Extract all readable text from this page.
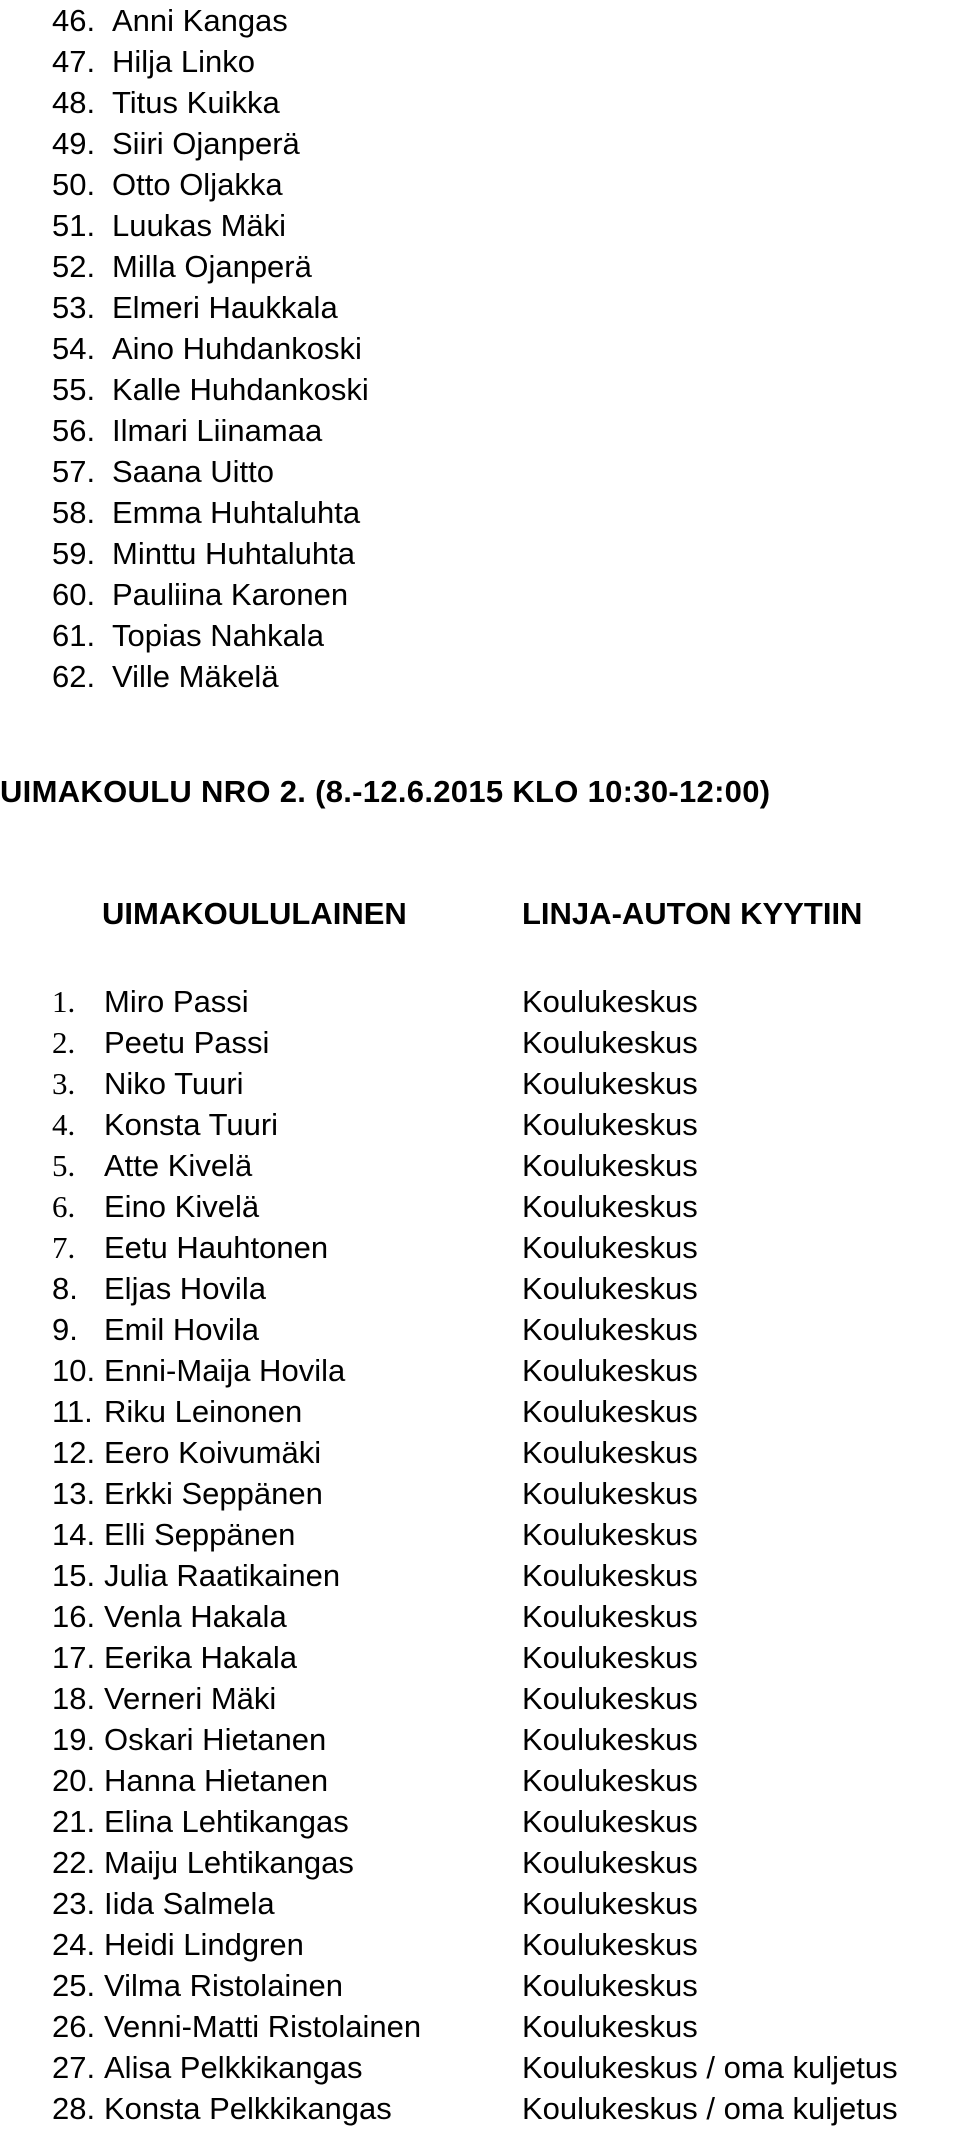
46. Anni Kangas
47. Hilja Linko
48. Titus Kuikka
49. Siiri Ojanperä
50. Otto Oljakka
51. Luukas Mäki
52. Milla Ojanperä
53. Elmeri Haukkala
54. Aino Huhdankoski
55. Kalle Huhdankoski
56. Ilmari Liinamaa
57. Saana Uitto
58. Emma Huhtaluhta
59. Minttu Huhtaluhta
60. Pauliina Karonen
61. Topias Nahkala
62. Ville Mäkelä
UIMAKOULU NRO 2. (8.-12.6.2015 KLO 10:30-12:00)
UIMAKOULULAINEN	LINJA-AUTON KYYTIIN
1. Miro Passi	Koulukeskus
2. Peetu Passi	Koulukeskus
3. Niko Tuuri	Koulukeskus
4. Konsta Tuuri	Koulukeskus
5. Atte Kivelä	Koulukeskus
6. Eino Kivelä	Koulukeskus
7. Eetu Hauhtonen	Koulukeskus
8. Eljas Hovila	Koulukeskus
9. Emil Hovila	Koulukeskus
10. Enni-Maija Hovila	Koulukeskus
11. Riku Leinonen	Koulukeskus
12. Eero Koivumäki	Koulukeskus
13. Erkki Seppänen	Koulukeskus
14. Elli Seppänen	Koulukeskus
15. Julia Raatikainen	Koulukeskus
16. Venla Hakala	Koulukeskus
17. Eerika Hakala	Koulukeskus
18. Verneri Mäki	Koulukeskus
19. Oskari Hietanen	Koulukeskus
20. Hanna Hietanen	Koulukeskus
21. Elina Lehtikangas	Koulukeskus
22. Maiju Lehtikangas	Koulukeskus
23. Iida Salmela	Koulukeskus
24. Heidi Lindgren	Koulukeskus
25. Vilma Ristolainen	Koulukeskus
26. Venni-Matti Ristolainen	Koulukeskus
27. Alisa Pelkkikangas	Koulukeskus / oma kuljetus
28. Konsta Pelkkikangas	Koulukeskus / oma kuljetus
